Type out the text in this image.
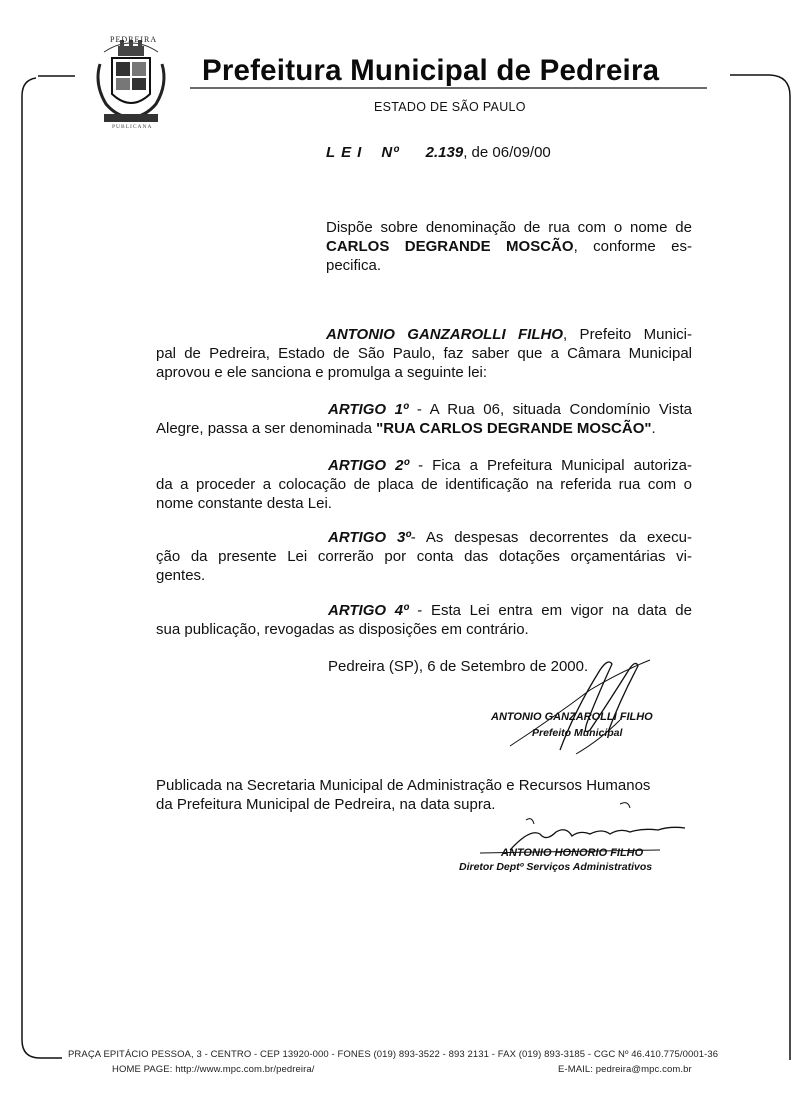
PEDREIRA
PUBLICANA
Prefeitura Municipal de Pedreira
ESTADO DE SÃO PAULO
LEI Nº 2.139, de 06/09/00
Dispõe sobre denominação de rua com o nome de
CARLOS DEGRANDE MOSCÃO, conforme es-
pecifica.
ANTONIO GANZAROLLI FILHO, Prefeito Munici-
pal de Pedreira, Estado de São Paulo, faz saber que a Câmara Municipal
aprovou e ele sanciona e promulga a seguinte lei:
ARTIGO 1º - A Rua 06, situada Condomínio Vista
Alegre, passa a ser denominada "RUA CARLOS DEGRANDE MOSCÃO".
ARTIGO 2º - Fica a Prefeitura Municipal autoriza-
da a proceder a colocação de placa de identificação na referida rua com o
nome constante desta Lei.
ARTIGO 3º- As despesas decorrentes da execu-
ção da presente Lei correrão por conta das dotações orçamentárias vi-
gentes.
ARTIGO 4º - Esta Lei entra em vigor na data de
sua publicação, revogadas as disposições em contrário.
Pedreira (SP), 6 de Setembro de 2000.
ANTONIO GANZAROLLI FILHO
Prefeito Municipal
Publicada na Secretaria Municipal de Administração e Recursos Humanos
da Prefeitura Municipal de Pedreira, na data supra.
ANTONIO HONORIO FILHO
Diretor Deptº Serviços Administrativos
PRAÇA EPITÁCIO PESSOA, 3 - CENTRO - CEP 13920-000 - FONES (019) 893-3522 - 893 2131 - FAX (019) 893-3185 - CGC Nº 46.410.775/0001-36
HOME PAGE: http://www.mpc.com.br/pedreira/	E-MAIL: pedreira@mpc.com.br
